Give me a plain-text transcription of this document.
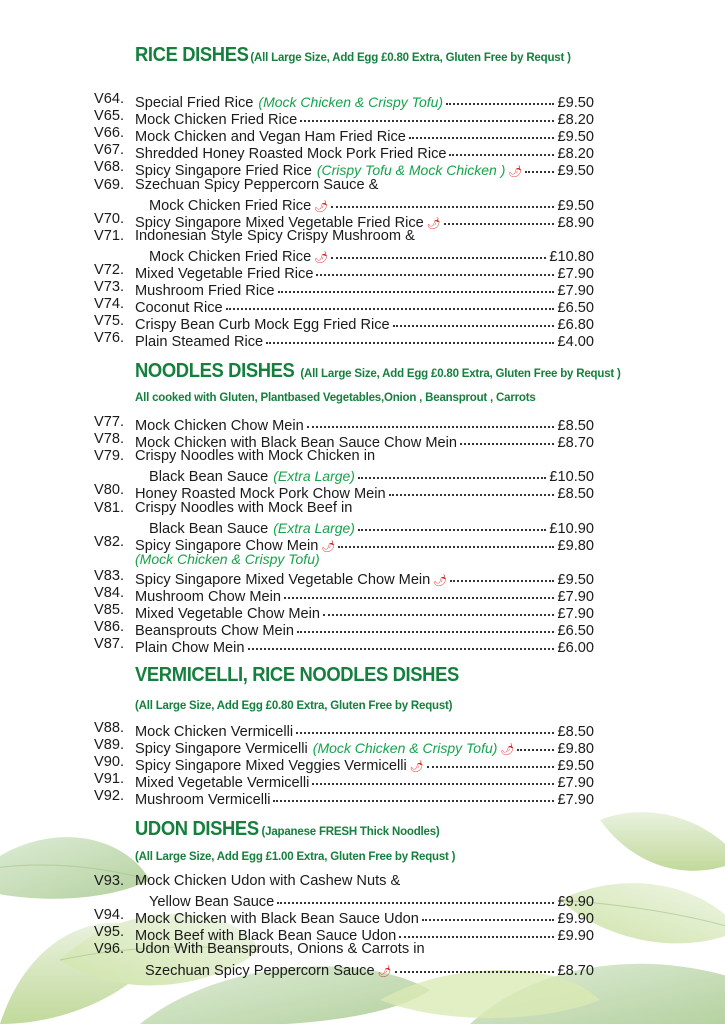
RICE DISHES (All Large Size, Add Egg £0.80 Extra, Gluten Free by Requst )
V64. Special Fried Rice (Mock Chicken & Crispy Tofu)	£9.50
V65. Mock Chicken Fried Rice	£8.20
V66. Mock Chicken and Vegan Ham Fried Rice	£9.50
V67. Shredded Honey Roasted Mock Pork Fried Rice	£8.20
V68. Spicy Singapore Fried Rice (Crispy Tofu & Mock Chicken ) 🌶 £9.50
V69. Szechuan Spicy Peppercorn Sauce &
Mock Chicken Fried Rice 🌶	£9.50
V70. Spicy Singapore Mixed Vegetable Fried Rice 🌶	£8.90
V71. Indonesian Style Spicy Crispy Mushroom &
Mock Chicken Fried Rice 🌶	£10.80
V72. Mixed Vegetable Fried Rice	£7.90
V73. Mushroom Fried Rice	£7.90
V74. Coconut Rice	£6.50
V75. Crispy Bean Curb Mock Egg Fried Rice	£6.80
V76. Plain Steamed Rice	£4.00
NOODLES DISHES (All Large Size, Add Egg £0.80 Extra, Gluten Free by Requst )
All cooked with Gluten, Plantbased Vegetables,Onion , Beansprout , Carrots
V77. Mock Chicken Chow Mein	£8.50
V78. Mock Chicken with Black Bean Sauce Chow Mein	£8.70
V79. Crispy Noodles with Mock Chicken in
Black Bean Sauce (Extra Large)	£10.50
V80. Honey Roasted Mock Pork Chow Mein	£8.50
V81. Crispy Noodles with Mock Beef in
Black Bean Sauce (Extra Large)	£10.90
V82. Spicy Singapore Chow Mein 🌶	£9.80
(Mock Chicken & Crispy Tofu)
V83. Spicy Singapore Mixed Vegetable Chow Mein 🌶	£9.50
V84. Mushroom Chow Mein	£7.90
V85. Mixed Vegetable Chow Mein	£7.90
V86. Beansprouts Chow Mein	£6.50
V87. Plain Chow Mein	£6.00
VERMICELLI, RICE NOODLES DISHES
(All Large Size, Add Egg £0.80 Extra, Gluten Free by Requst)
V88. Mock Chicken Vermicelli	£8.50
V89. Spicy Singapore Vermicelli (Mock Chicken & Crispy Tofu) 🌶	£9.80
V90. Spicy Singapore Mixed Veggies Vermicelli 🌶	£9.50
V91. Mixed Vegetable Vermicelli	£7.90
V92. Mushroom Vermicelli	£7.90
UDON DISHES (Japanese FRESH Thick Noodles)
(All Large Size, Add Egg £1.00 Extra, Gluten Free by Requst )
V93. Mock Chicken Udon with Cashew Nuts &
Yellow Bean Sauce	£9.90
V94. Mock Chicken with Black Bean Sauce Udon	£9.90
V95. Mock Beef with Black Bean Sauce Udon	£9.90
V96. Udon With Beansprouts, Onions & Carrots in
Szechuan Spicy Peppercorn Sauce 🌶	£8.70
